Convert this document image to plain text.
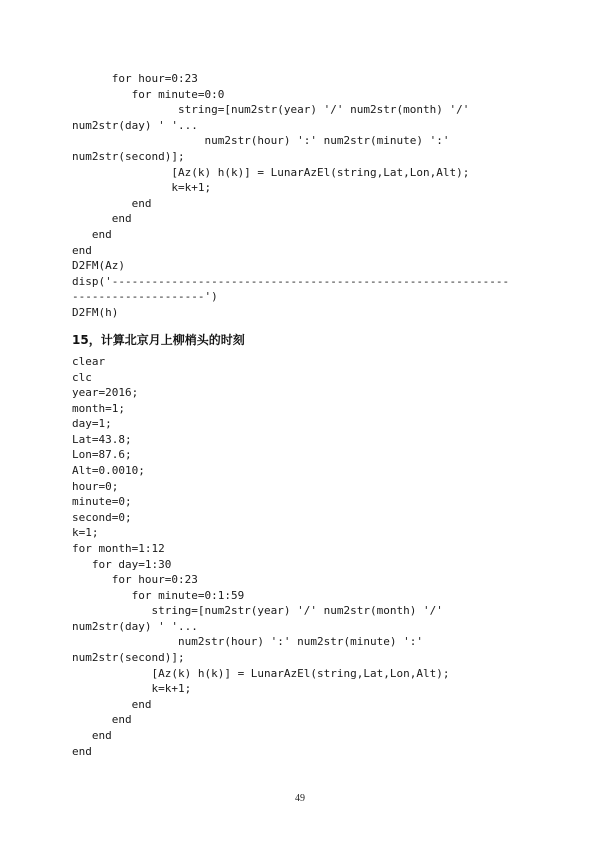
for hour=0:23
for minute=0:0
string=[num2str(year) '/' num2str(month) '/'
num2str(day) ' '...
num2str(hour) ':' num2str(minute) ':'
num2str(second)];
[Az(k) h(k)] = LunarAzEl(string,Lat,Lon,Alt);
k=k+1;
end
end
end
end
D2FM(Az)
disp('------------------------------------------------------------
--------------------')
D2FM(h)
15，计算北京月上柳梢头的时刻
clear
clc
year=2016;
month=1;
day=1;
Lat=43.8;
Lon=87.6;
Alt=0.0010;
hour=0;
minute=0;
second=0;
k=1;
for month=1:12
for day=1:30
for hour=0:23
for minute=0:1:59
string=[num2str(year) '/' num2str(month) '/'
num2str(day) ' '...
num2str(hour) ':' num2str(minute) ':'
num2str(second)];
[Az(k) h(k)] = LunarAzEl(string,Lat,Lon,Alt);
k=k+1;
end
end
end
end
49
